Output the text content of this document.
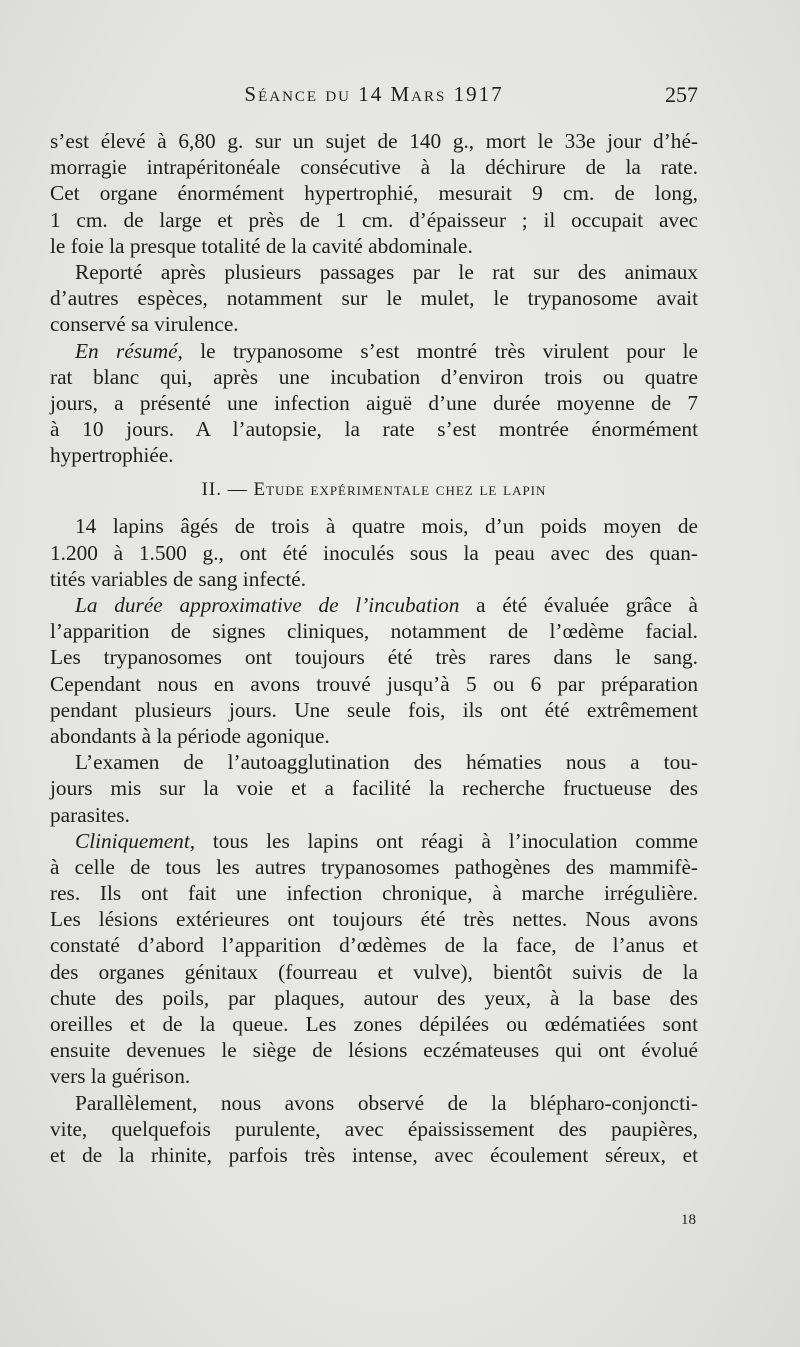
Séance du 14 Mars 1917	257
s’est élevé à 6,80 g. sur un sujet de 140 g., mort le 33e jour d’hé-
morragie intrapéritonéale consécutive à la déchirure de la rate.
Cet organe énormément hypertrophié, mesurait 9 cm. de long,
1 cm. de large et près de 1 cm. d’épaisseur ; il occupait avec
le foie la presque totalité de la cavité abdominale.
Reporté après plusieurs passages par le rat sur des animaux
d’autres espèces, notamment sur le mulet, le trypanosome avait
conservé sa virulence.
En résumé, le trypanosome s’est montré très virulent pour le
rat blanc qui, après une incubation d’environ trois ou quatre
jours, a présenté une infection aiguë d’une durée moyenne de 7
à 10 jours. A l’autopsie, la rate s’est montrée énormément
hypertrophiée.
II. — Etude expérimentale chez le lapin
14 lapins âgés de trois à quatre mois, d’un poids moyen de
1.200 à 1.500 g., ont été inoculés sous la peau avec des quan-
tités variables de sang infecté.
La durée approximative de l’incubation a été évaluée grâce à
l’apparition de signes cliniques, notamment de l’œdème facial.
Les trypanosomes ont toujours été très rares dans le sang.
Cependant nous en avons trouvé jusqu’à 5 ou 6 par préparation
pendant plusieurs jours. Une seule fois, ils ont été extrêmement
abondants à la période agonique.
L’examen de l’autoagglutination des hématies nous a tou-
jours mis sur la voie et a facilité la recherche fructueuse des
parasites.
Cliniquement, tous les lapins ont réagi à l’inoculation comme
à celle de tous les autres trypanosomes pathogènes des mammifè-
res. Ils ont fait une infection chronique, à marche irrégulière.
Les lésions extérieures ont toujours été très nettes. Nous avons
constaté d’abord l’apparition d’œdèmes de la face, de l’anus et
des organes génitaux (fourreau et vulve), bientôt suivis de la
chute des poils, par plaques, autour des yeux, à la base des
oreilles et de la queue. Les zones dépilées ou œdématiées sont
ensuite devenues le siège de lésions eczémateuses qui ont évolué
vers la guérison.
Parallèlement, nous avons observé de la blépharo-conjoncti-
vite, quelquefois purulente, avec épaississement des paupières,
et de la rhinite, parfois très intense, avec écoulement séreux, et
18
